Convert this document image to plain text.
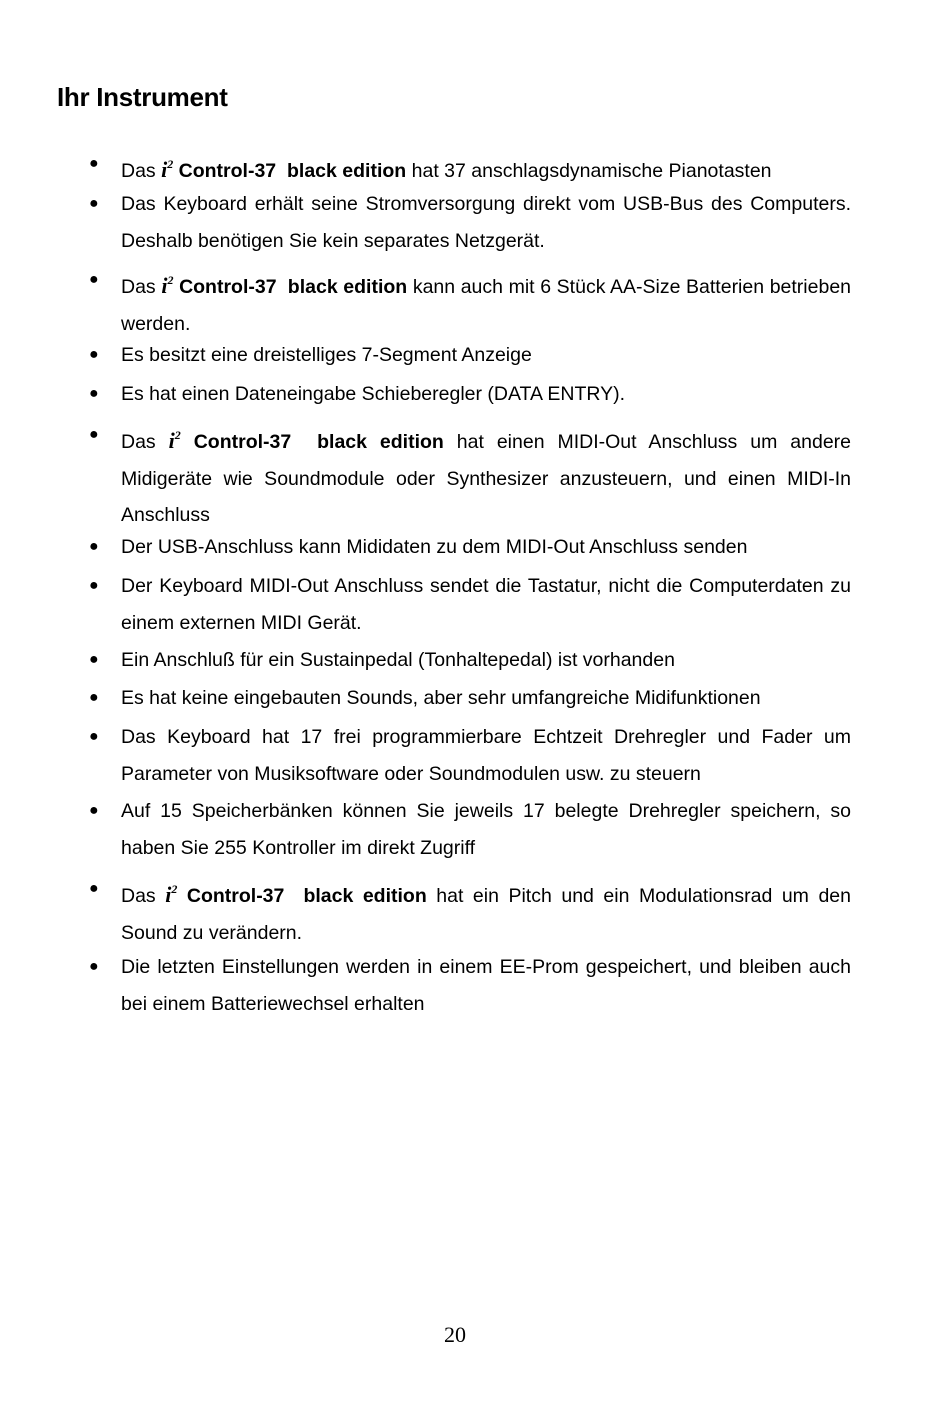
Ihr Instrument
● Das $i^2$ Control-37 black edition hat 37 anschlagsdynamische Pianotasten
● Das Keyboard erhält seine Stromversorgung direkt vom USB-Bus des Computers. Deshalb benötigen Sie kein separates Netzgerät.
● Das $i^2$ Control-37 black edition kann auch mit 6 Stück AA-Size Batterien betrieben werden.
● Es besitzt eine dreistelliges 7-Segment Anzeige
● Es hat einen Dateneingabe Schieberegler (DATA ENTRY).
● Das $i^2$ Control-37 black edition hat einen MIDI-Out Anschluss um andere Midigeräte wie Soundmodule oder Synthesizer anzusteuern, und einen MIDI-In Anschluss
● Der USB-Anschluss kann Mididaten zu dem MIDI-Out Anschluss senden
● Der Keyboard MIDI-Out Anschluss sendet die Tastatur, nicht die Computerdaten zu einem externen MIDI Gerät.
● Ein Anschluß für ein Sustainpedal (Tonhaltepedal) ist vorhanden
● Es hat keine eingebauten Sounds, aber sehr umfangreiche Midifunktionen
● Das Keyboard hat 17 frei programmierbare Echtzeit Drehregler und Fader um Parameter von Musiksoftware oder Soundmodulen usw. zu steuern
● Auf 15 Speicherbänken können Sie jeweils 17 belegte Drehregler speichern, so haben Sie 255 Kontroller im direkt Zugriff
● Das $i^2$ Control-37 black edition hat ein Pitch und ein Modulationsrad um den Sound zu verändern.
● Die letzten Einstellungen werden in einem EE-Prom gespeichert, und bleiben auch bei einem Batteriewechsel erhalten
20
